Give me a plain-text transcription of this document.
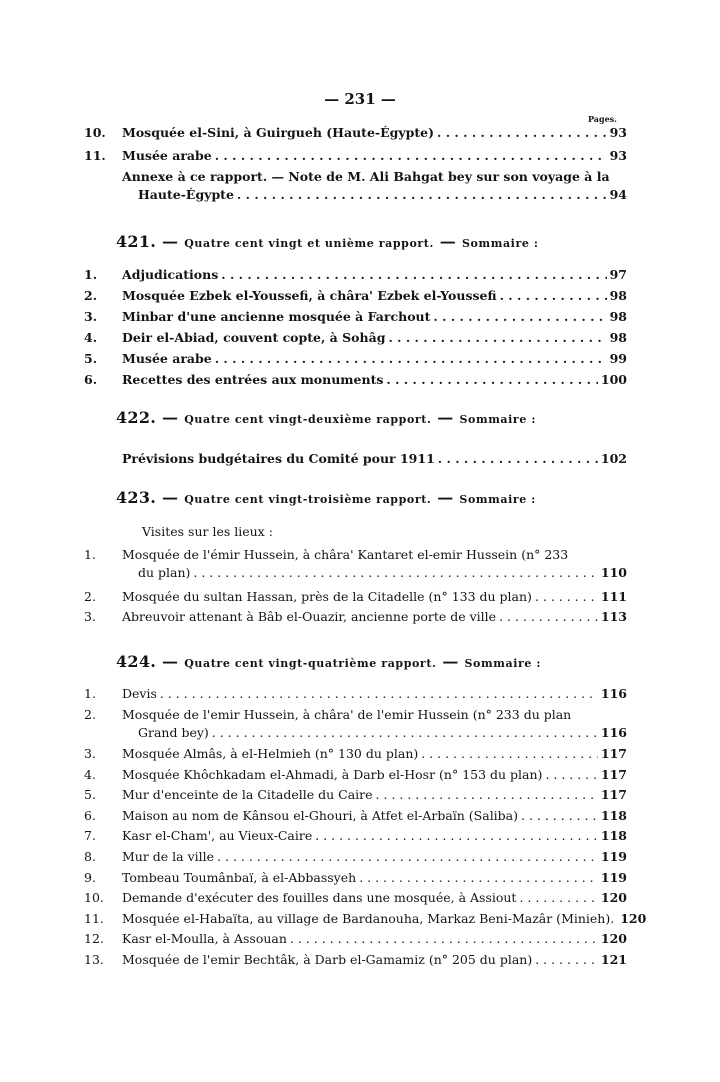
— 231 —
Pages.
10.	Mosquée el-Sini, à Guirgueh (Haute-Égypte) . . .	93
11.	Musée arabe . . .	93
Annexe à ce rapport. — Note de M. Ali Bahgat bey sur son voyage à la
Haute-Égypte . . .	94
421. — Quatre cent vingt et unième rapport. — Sommaire :
1.	Adjudications . . .	97
2.	Mosquée Ezbek el-Youssefi, à châra' Ezbek el-Youssefi . . .	98
3.	Minbar d'une ancienne mosquée à Farchout . . .	98
4.	Deir el-Abiad, couvent copte, à Sohâg . . .	98
5.	Musée arabe . . .	99
6.	Recettes des entrées aux monuments . . .	100
422. — Quatre cent vingt-deuxième rapport. — Sommaire :
Prévisions budgétaires du Comité pour 1911 . . .	102
423. — Quatre cent vingt-troisième rapport. — Sommaire :
Visites sur les lieux :
1.	Mosquée de l'émir Hussein, à châra' Kantaret el-emir Hussein (n° 233
du plan) . . .	110
2.	Mosquée du sultan Hassan, près de la Citadelle (n° 133 du plan) . . .	111
3.	Abreuvoir attenant à Bâb el-Ouazir, ancienne porte de ville . . .	113
424. — Quatre cent vingt-quatrième rapport. — Sommaire :
1.	Devis . . .	116
2.	Mosquée de l'emir Hussein, à châra' de l'emir Hussein (n° 233 du plan
Grand bey) . . .	116
3.	Mosquée Almâs, à el-Helmieh (n° 130 du plan) . . .	117
4.	Mosquée Khôchkadam el-Ahmadi, à Darb el-Hosr (n° 153 du plan) . . .	117
5.	Mur d'enceinte de la Citadelle du Caire . . .	117
6.	Maison au nom de Kânsou el-Ghouri, à Atfet el-Arbaïn (Saliba) . . .	118
7.	Kasr el-Cham', au Vieux-Caire . . .	118
8.	Mur de la ville . . .	119
9.	Tombeau Toumânbaï, à el-Abbassyeh . . .	119
10.	Demande d'exécuter des fouilles dans une mosquée, à Assiout . . .	120
11.	Mosquée el-Habaïta, au village de Bardanouha, Markaz Beni-Mazâr (Minieh). 120
12.	Kasr el-Moulla, à Assouan . . .	120
13.	Mosquée de l'emir Bechtâk, à Darb el-Gamamiz (n° 205 du plan) . . .	121
